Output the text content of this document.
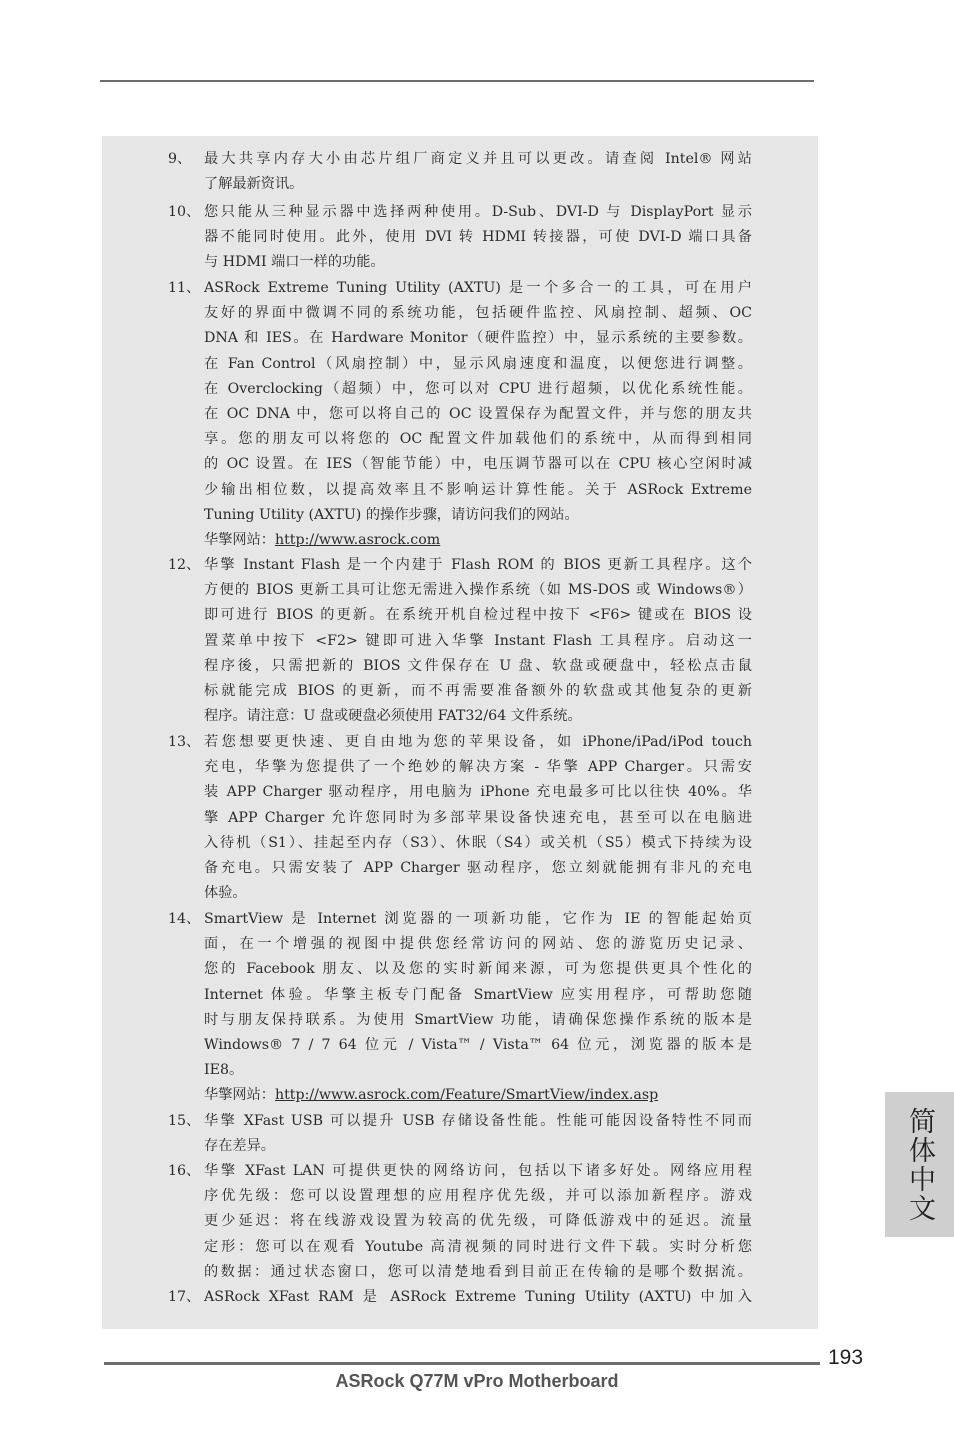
9、 最大共享内存大小由芯片组厂商定义并且可以更改。请查阅 Intel® 网站
了解最新资讯。
10、 您只能从三种显示器中选择两种使用。D-Sub、DVI-D 与 DisplayPort 显示
器不能同时使用。此外，使用 DVI 转 HDMI 转接器，可使 DVI-D 端口具备
与 HDMI 端口一样的功能。
11、 ASRock Extreme Tuning Utility (AXTU) 是一个多合一的工具，可在用户
友好的界面中微调不同的系统功能，包括硬件监控、风扇控制、超频、OC
DNA 和 IES。在 Hardware Monitor（硬件监控）中，显示系统的主要参数。
在 Fan Control（风扇控制）中，显示风扇速度和温度，以便您进行调整。
在 Overclocking（超频）中，您可以对 CPU 进行超频，以优化系统性能。
在 OC DNA 中，您可以将自己的 OC 设置保存为配置文件，并与您的朋友共
享。您的朋友可以将您的 OC 配置文件加载他们的系统中，从而得到相同
的 OC 设置。在 IES（智能节能）中，电压调节器可以在 CPU 核心空闲时减
少输出相位数，以提高效率且不影响运计算性能。关于 ASRock Extreme
Tuning Utility (AXTU) 的操作步骤，请访问我们的网站。
华擎网站：http://www.asrock.com
12、 华擎 Instant Flash 是一个内建于 Flash ROM 的 BIOS 更新工具程序。这个
方便的 BIOS 更新工具可让您无需进入操作系统（如 MS-DOS 或 Windows®）
即可进行 BIOS 的更新。在系统开机自检过程中按下 <F6> 键或在 BIOS 设
置菜单中按下 <F2> 键即可进入华擎 Instant Flash 工具程序。启动这一
程序後，只需把新的 BIOS 文件保存在 U 盘、软盘或硬盘中，轻松点击鼠
标就能完成 BIOS 的更新，而不再需要准备额外的软盘或其他复杂的更新
程序。请注意：U 盘或硬盘必须使用 FAT32/64 文件系统。
13、 若您想要更快速、更自由地为您的苹果设备，如 iPhone/iPad/iPod touch
充电，华擎为您提供了一个绝妙的解决方案 - 华擎 APP Charger。只需安
装 APP Charger 驱动程序，用电脑为 iPhone 充电最多可比以往快 40%。华
擎 APP Charger 允许您同时为多部苹果设备快速充电，甚至可以在电脑进
入待机（S1）、挂起至内存（S3）、休眠（S4）或关机（S5）模式下持续为设
备充电。只需安装了 APP Charger 驱动程序，您立刻就能拥有非凡的充电
体验。
14、 SmartView 是 Internet 浏览器的一项新功能，它作为 IE 的智能起始页
面，在一个增强的视图中提供您经常访问的网站、您的游览历史记录、
您的 Facebook 朋友、以及您的实时新闻来源，可为您提供更具个性化的
Internet 体验。华擎主板专门配备 SmartView 应实用程序，可帮助您随
时与朋友保持联系。为使用 SmartView 功能，请确保您操作系统的版本是
Windows® 7 / 7 64 位元 / Vista™ / Vista™ 64 位元，浏览器的版本是
IE8。
华擎网站：http://www.asrock.com/Feature/SmartView/index.asp
15、 华擎 XFast USB 可以提升 USB 存储设备性能。性能可能因设备特性不同而
存在差异。
16、 华擎 XFast LAN 可提供更快的网络访问，包括以下诸多好处。网络应用程
序优先级：您可以设置理想的应用程序优先级，并可以添加新程序。游戏
更少延迟：将在线游戏设置为较高的优先级，可降低游戏中的延迟。流量
定形：您可以在观看 Youtube 高清视频的同时进行文件下载。实时分析您
的数据：通过状态窗口，您可以清楚地看到目前正在传输的是哪个数据流。
17、 ASRock XFast RAM 是 ASRock Extreme Tuning Utility (AXTU) 中加入
简体中文
193
ASRock Q77M vPro Motherboard
